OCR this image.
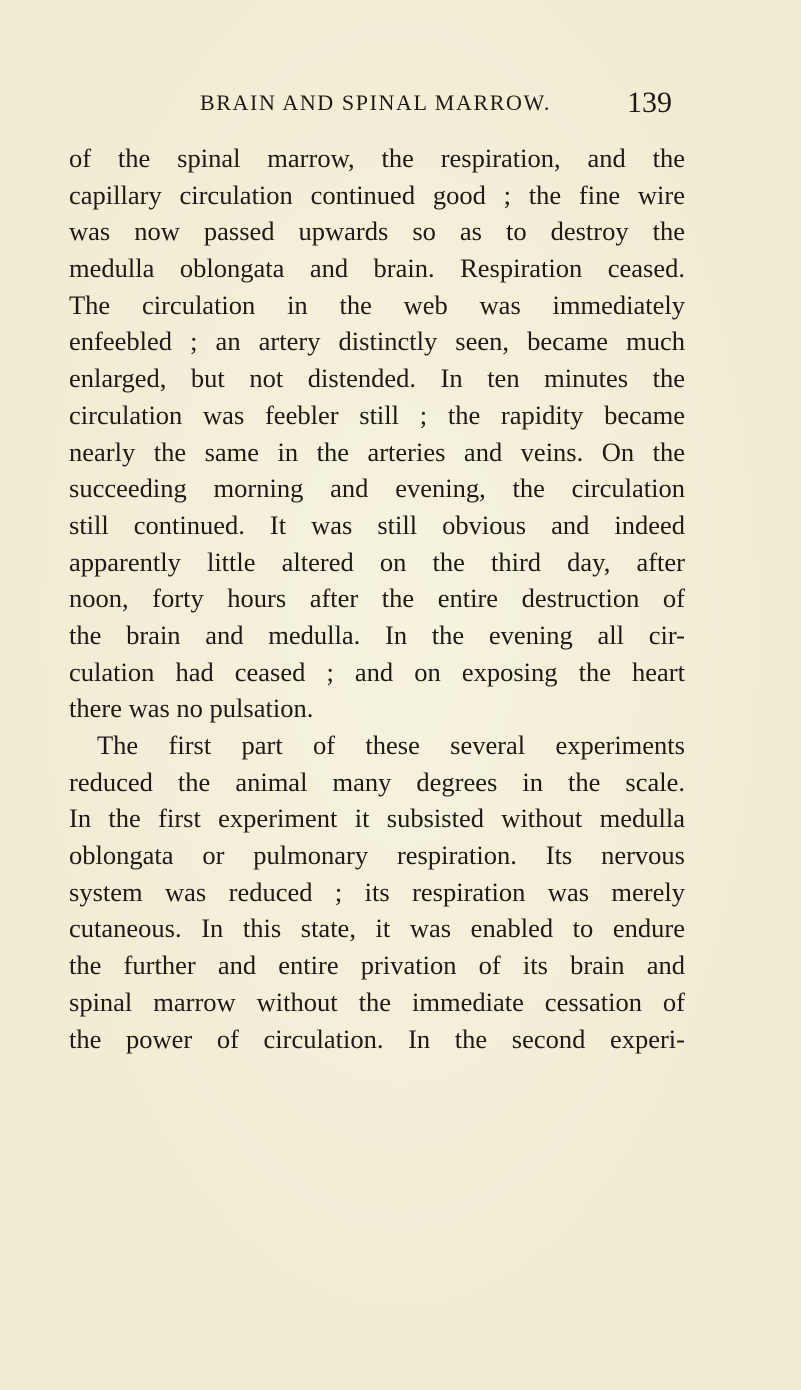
BRAIN AND SPINAL MARROW.	139
of the spinal marrow, the respiration, and the
capillary circulation continued good ; the fine wire
was now passed upwards so as to destroy the
medulla oblongata and brain. Respiration ceased.
The circulation in the web was immediately
enfeebled ; an artery distinctly seen, became much
enlarged, but not distended. In ten minutes the
circulation was feebler still ; the rapidity became
nearly the same in the arteries and veins. On the
succeeding morning and evening, the circulation
still continued. It was still obvious and indeed
apparently little altered on the third day, after
noon, forty hours after the entire destruction of
the brain and medulla. In the evening all cir-
culation had ceased ; and on exposing the heart
there was no pulsation.
The first part of these several experiments
reduced the animal many degrees in the scale.
In the first experiment it subsisted without medulla
oblongata or pulmonary respiration. Its nervous
system was reduced ; its respiration was merely
cutaneous. In this state, it was enabled to endure
the further and entire privation of its brain and
spinal marrow without the immediate cessation of
the power of circulation. In the second experi-
